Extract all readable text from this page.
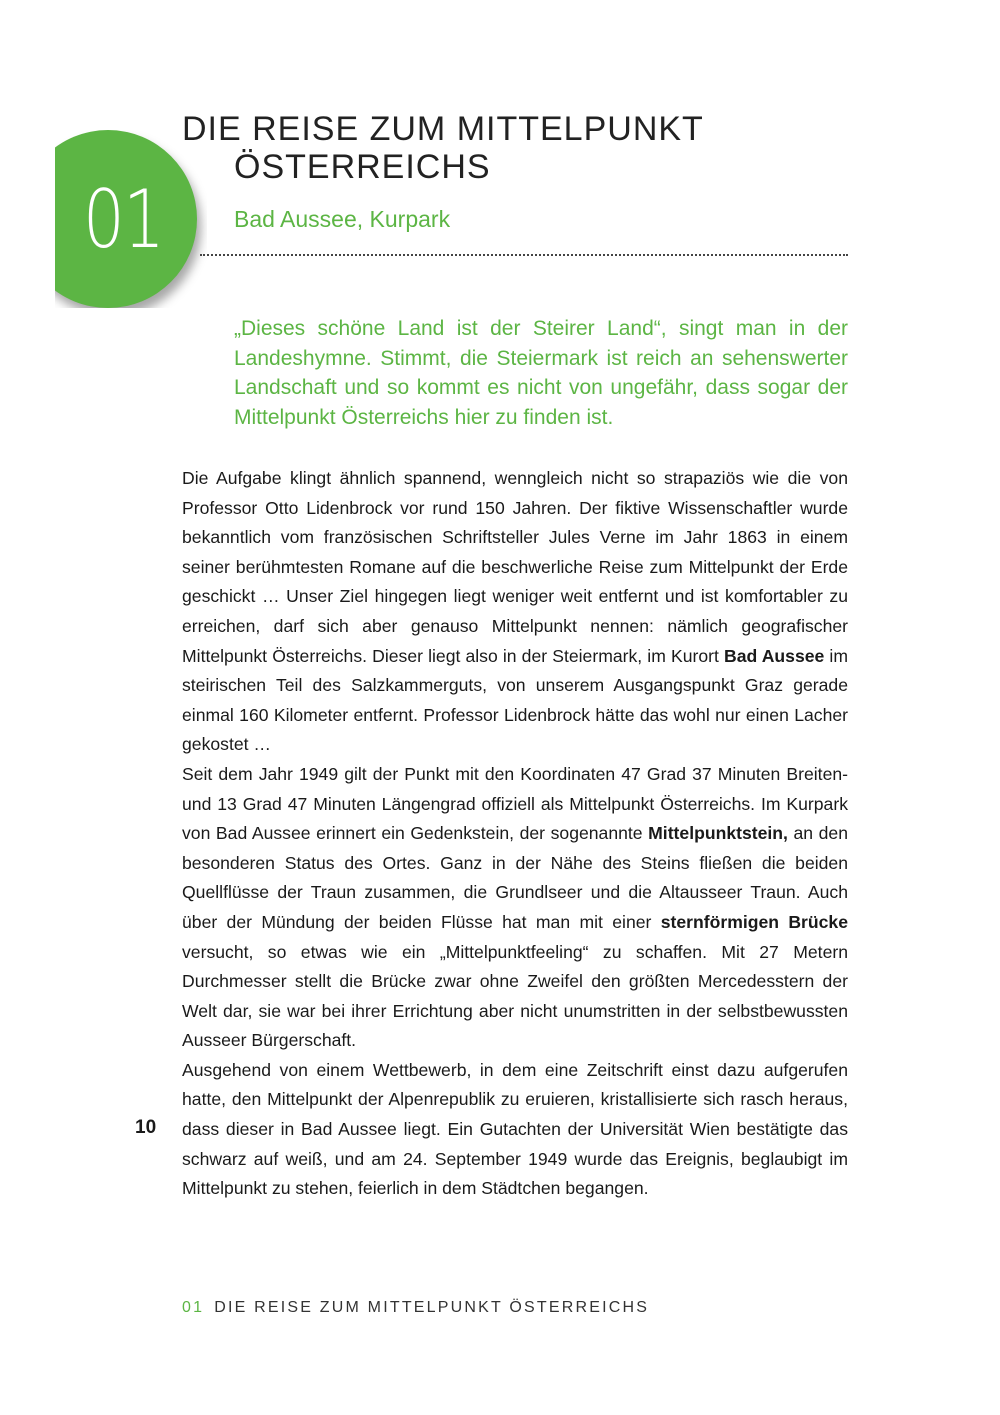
01
DIE REISE ZUM MITTELPUNKT
ÖSTERREICHS
Bad Aussee, Kurpark

„Dieses schöne Land ist der Steirer Land“, singt man in der Landeshymne. Stimmt, die Steiermark ist reich an sehenswerter Landschaft und so kommt es nicht von ungefähr, dass sogar der Mittelpunkt Österreichs hier zu finden ist.

Die Aufgabe klingt ähnlich spannend, wenngleich nicht so strapaziös wie die von Professor Otto Lidenbrock vor rund 150 Jahren. Der fiktive Wissenschaftler wurde bekanntlich vom französischen Schriftsteller Jules Verne im Jahr 1863 in einem seiner berühmtesten Romane auf die beschwerliche Reise zum Mittelpunkt der Erde geschickt … Unser Ziel hingegen liegt weniger weit entfernt und ist komfortabler zu erreichen, darf sich aber genauso Mittelpunkt nennen: nämlich geografischer Mittelpunkt Österreichs. Dieser liegt also in der Steiermark, im Kurort Bad Aussee im steirischen Teil des Salzkammerguts, von unserem Ausgangspunkt Graz gerade einmal 160 Kilometer entfernt. Professor Lidenbrock hätte das wohl nur einen Lacher gekostet …

Seit dem Jahr 1949 gilt der Punkt mit den Koordinaten 47 Grad 37 Minuten Breiten- und 13 Grad 47 Minuten Längengrad offiziell als Mittelpunkt Österreichs. Im Kurpark von Bad Aussee erinnert ein Gedenkstein, der sogenannte Mittelpunktstein, an den besonderen Status des Ortes. Ganz in der Nähe des Steins fließen die beiden Quellflüsse der Traun zusammen, die Grundlseer und die Altausseer Traun. Auch über der Mündung der beiden Flüsse hat man mit einer sternförmigen Brücke versucht, so etwas wie ein „Mittelpunktfeeling“ zu schaffen. Mit 27 Metern Durchmesser stellt die Brücke zwar ohne Zweifel den größten Mercedesstern der Welt dar, sie war bei ihrer Errichtung aber nicht unumstritten in der selbstbewussten Ausseer Bürgerschaft.

Ausgehend von einem Wettbewerb, in dem eine Zeitschrift einst dazu aufgerufen hatte, den Mittelpunkt der Alpenrepublik zu eruieren, kristallisierte sich rasch heraus, dass dieser in Bad Aussee liegt. Ein Gutachten der Universität Wien bestätigte das schwarz auf weiß, und am 24. September 1949 wurde das Ereignis, beglaubigt im Mittelpunkt zu stehen, feierlich in dem Städtchen begangen.

10
01 DIE REISE ZUM MITTELPUNKT ÖSTERREICHS
